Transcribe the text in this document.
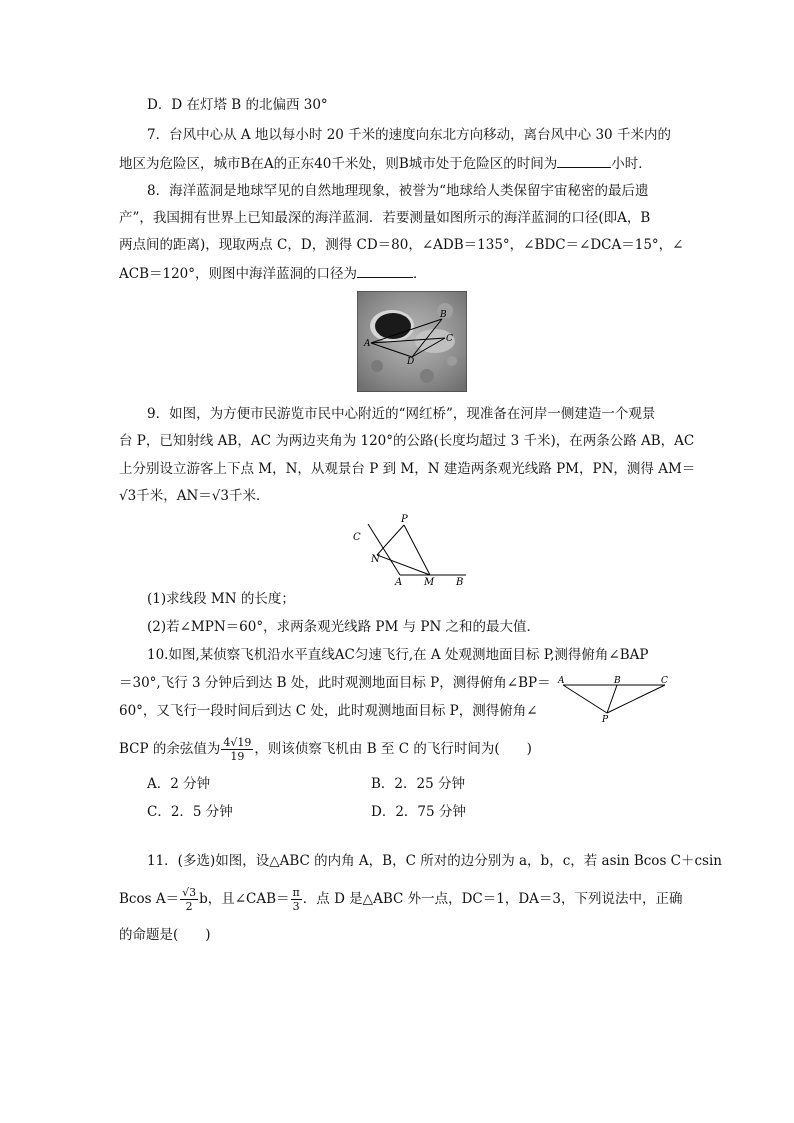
D．D 在灯塔 B 的北偏西 30°
7．台风中心从 A 地以每小时 20 千米的速度向东北方向移动，离台风中心 30 千米内的
地区为危险区，城市B在A的正东40千米处，则B城市处于危险区的时间为	小时．
8．海洋蓝洞是地球罕见的自然地理现象，被誉为“地球给人类保留宇宙秘密的最后遗
产”，我国拥有世界上已知最深的海洋蓝洞．若要测量如图所示的海洋蓝洞的口径(即A，B
两点间的距离)，现取两点 C，D，测得 CD＝80，∠ADB＝135°，∠BDC＝∠DCA＝15°，∠
ACB＝120°，则图中海洋蓝洞的口径为	．
B
C
A
D
9．如图，为方便市民游览市民中心附近的“网红桥”，现准备在河岸一侧建造一个观景
台 P，已知射线 AB，AC 为两边夹角为 120°的公路(长度均超过 3 千米)，在两条公路 AB，AC
上分别设立游客上下点 M，N，从观景台 P 到 M，N 建造两条观光线路 PM，PN，测得 AM＝
√3千米，AN＝√3千米．
P
C
N
A M B
(1)求线段 MN 的长度；
(2)若∠MPN＝60°，求两条观光线路 PM 与 PN 之和的最大值．
10.如图,某侦察飞机沿水平直线AC匀速飞行,在 A 处观测地面目标 P,测得俯角∠BAP
＝30°,飞行 3 分钟后到达 B 处，此时观测地面目标 P，测得俯角∠BP＝
60°，又飞行一段时间后到达 C 处，此时观测地面目标 P，测得俯角∠
A	B	C
P
BCP 的余弦值为 $\frac{4√19}{19}$ ，则该侦察飞机由 B 至 C 的飞行时间为(　　)
A．2 分钟	B．2．25 分钟
C．2．5 分钟	D．2．75 分钟
11．(多选)如图，设△ABC 的内角 A，B，C 所对的边分别为 a，b，c，若 asin Bcos C＋csin
Bcos $A= \frac{√3}{2}$ b，且∠CAB＝ $\frac{\pi}{3}$ ．点 D 是△ABC 外一点，DC＝1，DA＝3，下列说法中，正确
的命题是(　　)
